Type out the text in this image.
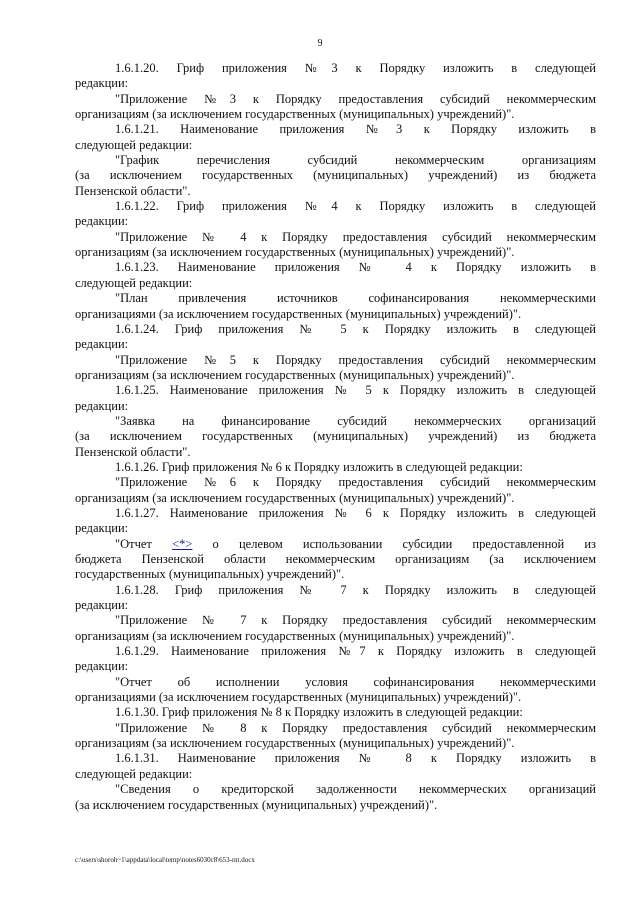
9

1.6.1.20. Гриф приложения №3 к Порядку изложить в следующей
редакции:

"Приложение №3 к Порядку предоставления субсидий некоммерческим
организациям (за исключением государственных (муниципальных) учреждений)".

1.6.1.21. Наименование приложения №3 к Порядку изложить в
следующей редакции:

"График перечисления субсидий некоммерческим организациям
(за исключением государственных (муниципальных) учреждений) из бюджета
Пензенской области".

1.6.1.22. Гриф приложения №4 к Порядку изложить в следующей
редакции:

"Приложение № 4 к Порядку предоставления субсидий некоммерческим
организациям (за исключением государственных (муниципальных) учреждений)".

1.6.1.23. Наименование приложения № 4 к Порядку изложить в
следующей редакции:

"План привлечения источников софинансирования некоммерческими
организациями (за исключением государственных (муниципальных) учреждений)".

1.6.1.24. Гриф приложения № 5 к Порядку изложить в следующей
редакции:

"Приложение №5 к Порядку предоставления субсидий некоммерческим
организациям (за исключением государственных (муниципальных) учреждений)".

1.6.1.25. Наименование приложения № 5 к Порядку изложить в следующей
редакции:

"Заявка на финансирование субсидий некоммерческих организаций
(за исключением государственных (муниципальных) учреждений) из бюджета
Пензенской области".

1.6.1.26. Гриф приложения № 6 к Порядку изложить в следующей редакции:

"Приложение №6 к Порядку предоставления субсидий некоммерческим
организациям (за исключением государственных (муниципальных) учреждений)".

1.6.1.27. Наименование приложения № 6 к Порядку изложить в следующей
редакции:

"Отчет <*> о целевом использовании субсидии предоставленной из
бюджета Пензенской области некоммерческим организациям (за исключением
государственных (муниципальных) учреждений)".

1.6.1.28. Гриф приложения № 7 к Порядку изложить в следующей
редакции:

"Приложение № 7 к Порядку предоставления субсидий некоммерческим
организациям (за исключением государственных (муниципальных) учреждений)".

1.6.1.29. Наименование приложения №7 к Порядку изложить в следующей
редакции:

"Отчет об исполнении условия софинансирования некоммерческими
организациями (за исключением государственных (муниципальных) учреждений)".

1.6.1.30. Гриф приложения № 8 к Порядку изложить в следующей редакции:

"Приложение № 8 к Порядку предоставления субсидий некоммерческим
организациям (за исключением государственных (муниципальных) учреждений)".

1.6.1.31. Наименование приложения № 8 к Порядку изложить в
следующей редакции:

"Сведения о кредиторской задолженности некоммерческих организаций
(за исключением государственных (муниципальных) учреждений)".

c:\users\shoroh~1\appdata\local\temp\notes6030c8\653-пп.docx
